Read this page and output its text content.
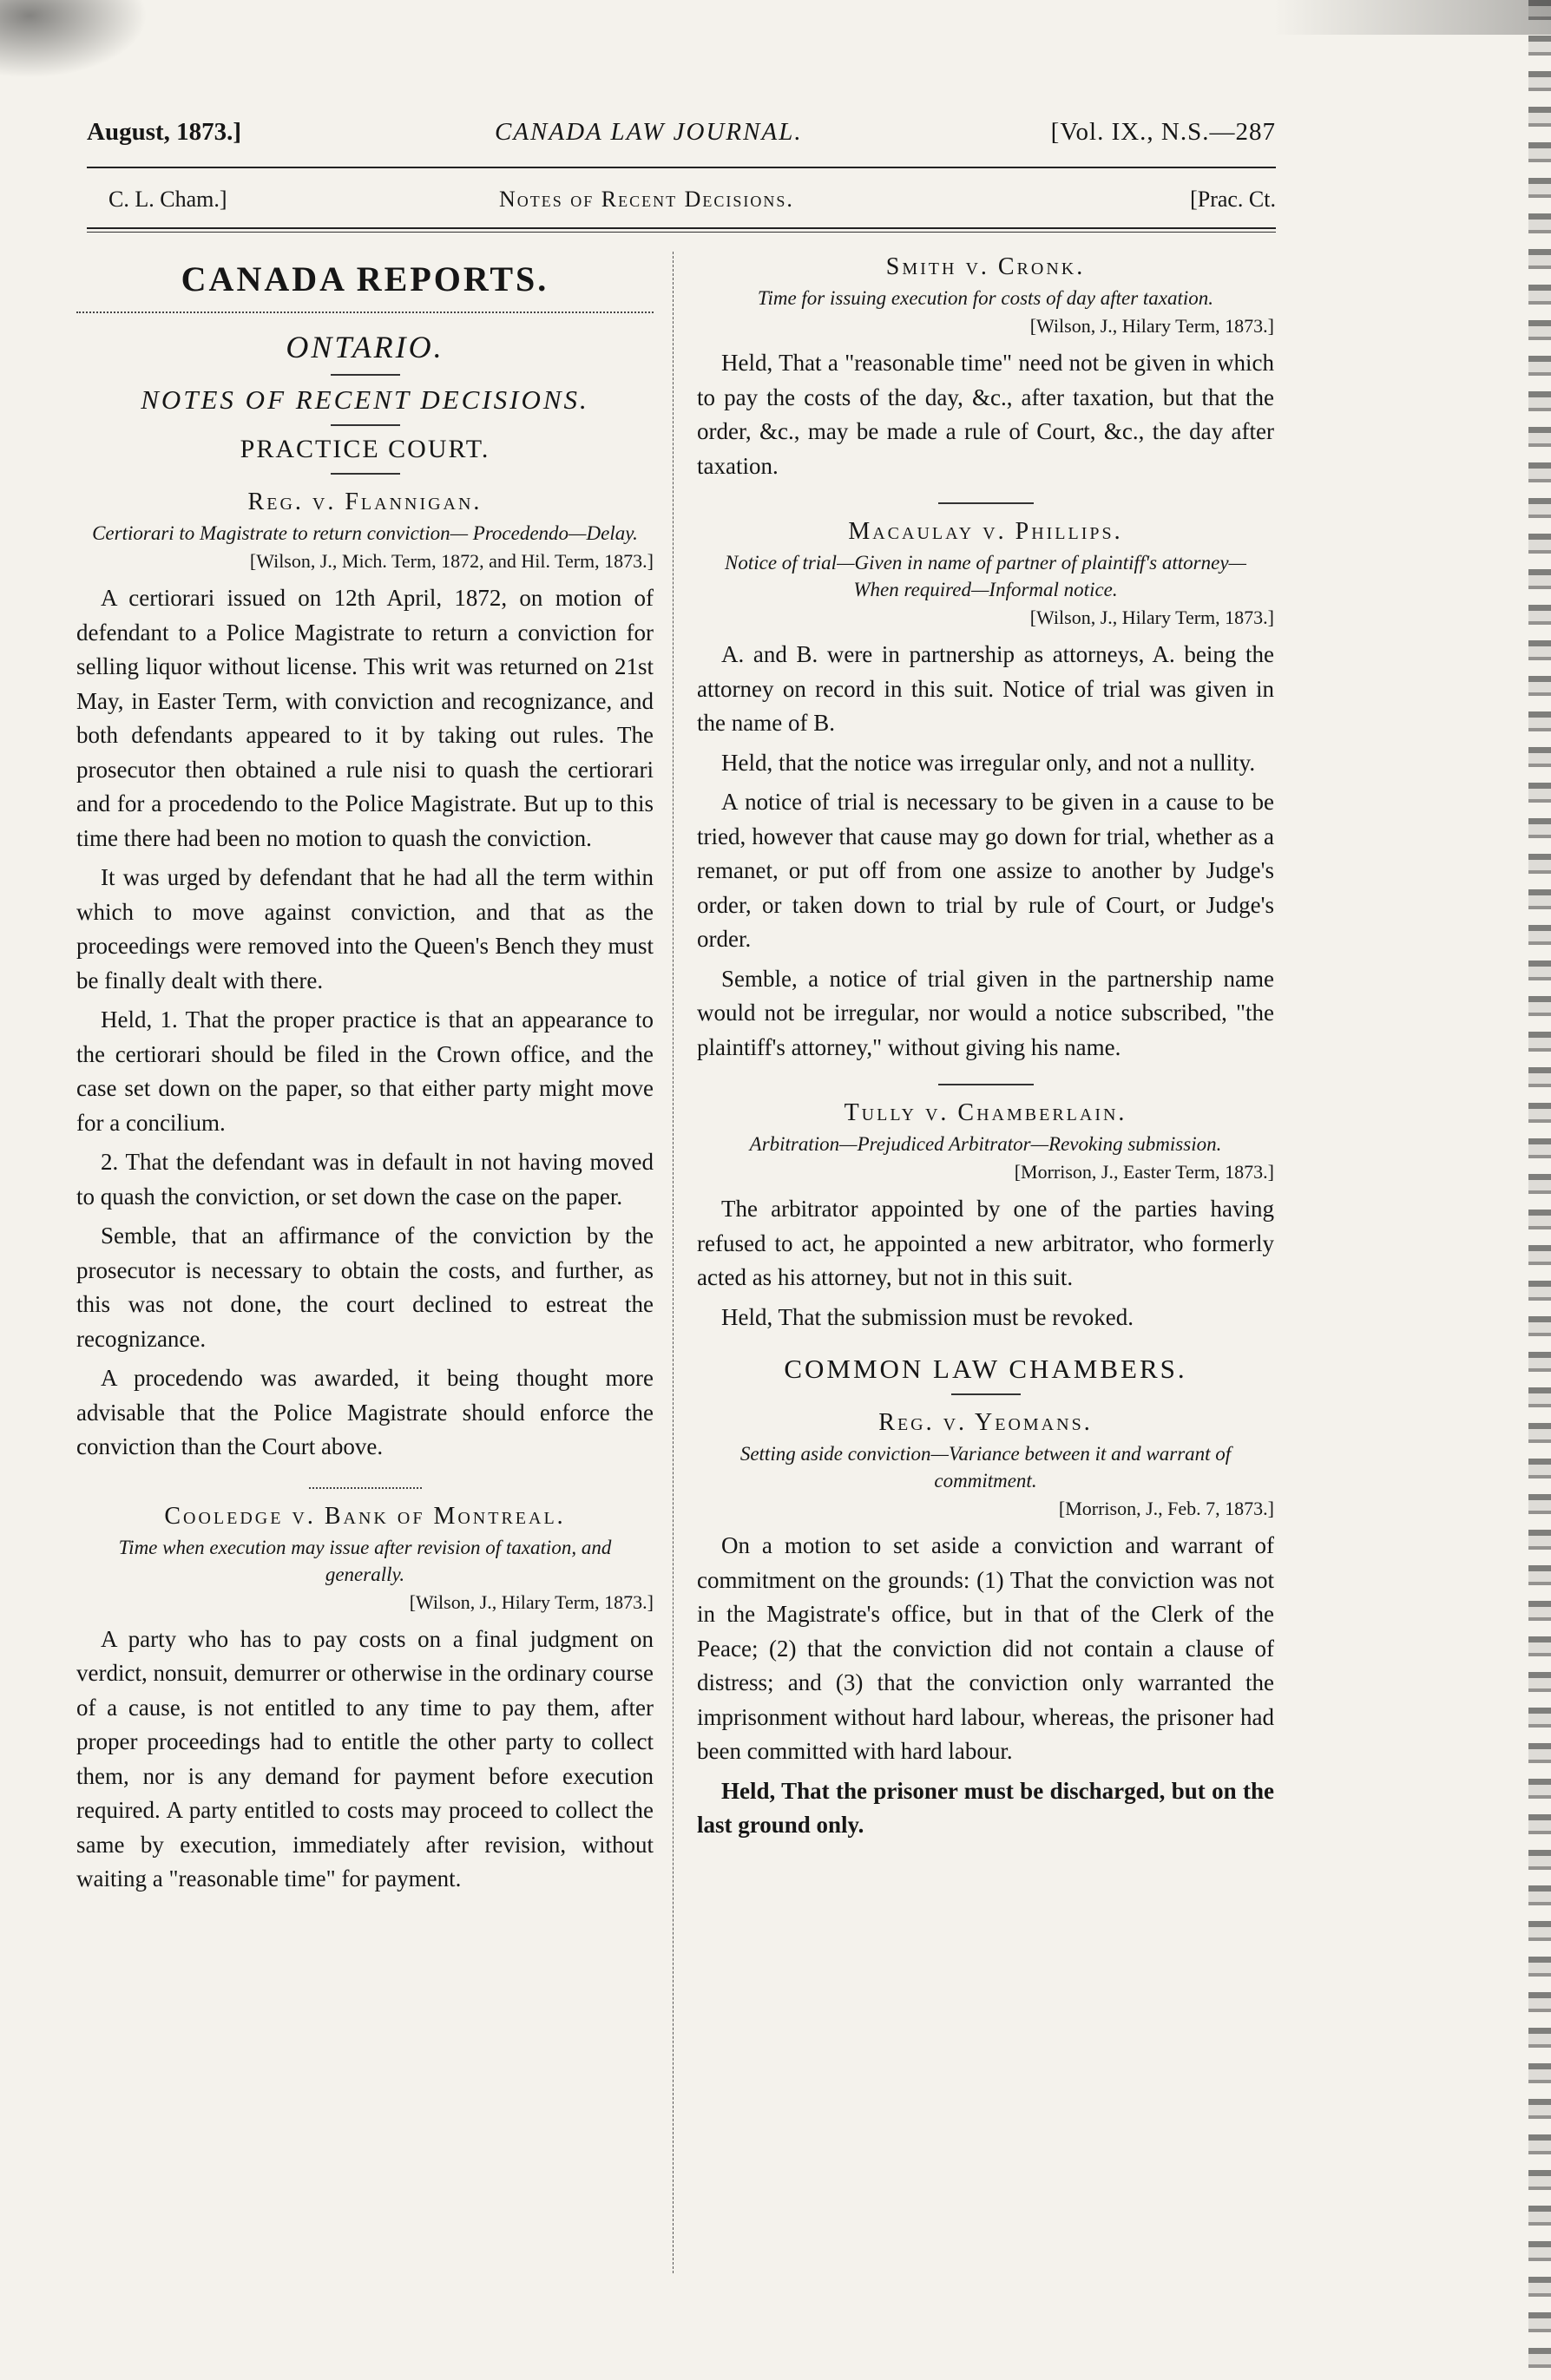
August, 1873.]	CANADA LAW JOURNAL.	[Vol. IX., N.S.—287
C. L. Cham.]	Notes of Recent Decisions.	[Prac. Ct.
CANADA REPORTS.
ONTARIO.
NOTES OF RECENT DECISIONS.
PRACTICE COURT.
Reg. v. Flannigan.
Certiorari to Magistrate to return conviction— Procedendo—Delay.
[Wilson, J., Mich. Term, 1872, and Hil. Term, 1873.]

A certiorari issued on 12th April, 1872, on motion of defendant to a Police Magistrate to return a conviction for selling liquor without license. This writ was returned on 21st May, in Easter Term, with conviction and recognizance, and both defendants appeared to it by taking out rules. The prosecutor then obtained a rule nisi to quash the certiorari and for a procedendo to the Police Magistrate. But up to this time there had been no motion to quash the conviction.

It was urged by defendant that he had all the term within which to move against conviction, and that as the proceedings were removed into the Queen's Bench they must be finally dealt with there.

Held, 1. That the proper practice is that an appearance to the certiorari should be filed in the Crown office, and the case set down on the paper, so that either party might move for a concilium.

2. That the defendant was in default in not having moved to quash the conviction, or set down the case on the paper.

Semble, that an affirmance of the conviction by the prosecutor is necessary to obtain the costs, and further, as this was not done, the court declined to estreat the recognizance.

A procedendo was awarded, it being thought more advisable that the Police Magistrate should enforce the conviction than the Court above.

Cooledge v. Bank of Montreal.
Time when execution may issue after revision of taxation, and generally.
[Wilson, J., Hilary Term, 1873.]

A party who has to pay costs on a final judgment on verdict, nonsuit, demurrer or otherwise in the ordinary course of a cause, is not entitled to any time to pay them, after proper proceedings had to entitle the other party to collect them, nor is any demand for payment before execution required. A party entitled to costs may proceed to collect the same by execution, immediately after revision, without waiting a "reasonable time" for payment.

Smith v. Cronk.
Time for issuing execution for costs of day after taxation.
[Wilson, J., Hilary Term, 1873.]

Held, That a "reasonable time" need not be given in which to pay the costs of the day, &c., after taxation, but that the order, &c., may be made a rule of Court, &c., the day after taxation.

Macaulay v. Phillips.
Notice of trial—Given in name of partner of plaintiff's attorney—When required—Informal notice.
[Wilson, J., Hilary Term, 1873.]

A. and B. were in partnership as attorneys, A. being the attorney on record in this suit. Notice of trial was given in the name of B.

Held, that the notice was irregular only, and not a nullity.

A notice of trial is necessary to be given in a cause to be tried, however that cause may go down for trial, whether as a remanet, or put off from one assize to another by Judge's order, or taken down to trial by rule of Court, or Judge's order.

Semble, a notice of trial given in the partnership name would not be irregular, nor would a notice subscribed, "the plaintiff's attorney," without giving his name.

Tully v. Chamberlain.
Arbitration—Prejudiced Arbitrator—Revoking submission.
[Morrison, J., Easter Term, 1873.]

The arbitrator appointed by one of the parties having refused to act, he appointed a new arbitrator, who formerly acted as his attorney, but not in this suit.

Held, That the submission must be revoked.

COMMON LAW CHAMBERS.
Reg. v. Yeomans.
Setting aside conviction—Variance between it and warrant of commitment.
[Morrison, J., Feb. 7, 1873.]

On a motion to set aside a conviction and warrant of commitment on the grounds: (1) That the conviction was not in the Magistrate's office, but in that of the Clerk of the Peace; (2) that the conviction did not contain a clause of distress; and (3) that the conviction only warranted the imprisonment without hard labour, whereas, the prisoner had been committed with hard labour.

Held, That the prisoner must be discharged, but on the last ground only.
